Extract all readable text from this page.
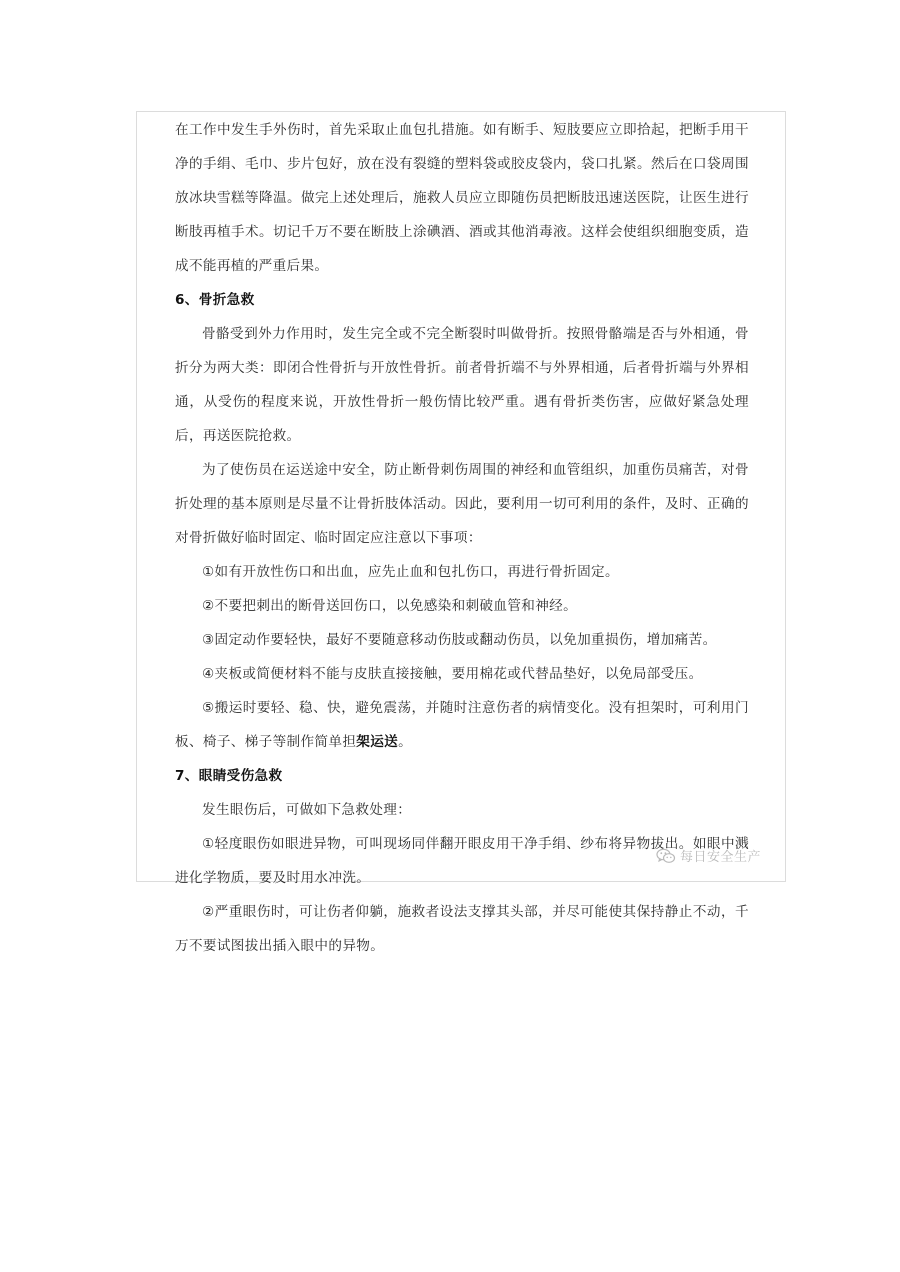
在工作中发生手外伤时，首先采取止血包扎措施。如有断手、短肢要应立即拾起，把断手用干净的手绢、毛巾、步片包好，放在没有裂缝的塑料袋或胶皮袋内，袋口扎紧。然后在口袋周围放冰块雪糕等降温。做完上述处理后，施救人员应立即随伤员把断肢迅速送医院，让医生进行断肢再植手术。切记千万不要在断肢上涂碘酒、酒或其他消毒液。这样会使组织细胞变质，造成不能再植的严重后果。

6、骨折急救

骨骼受到外力作用时，发生完全或不完全断裂时叫做骨折。按照骨骼端是否与外相通，骨折分为两大类：即闭合性骨折与开放性骨折。前者骨折端不与外界相通，后者骨折端与外界相通，从受伤的程度来说，开放性骨折一般伤情比较严重。遇有骨折类伤害，应做好紧急处理后，再送医院抢救。

为了使伤员在运送途中安全，防止断骨刺伤周围的神经和血管组织，加重伤员痛苦，对骨折处理的基本原则是尽量不让骨折肢体活动。因此，要利用一切可利用的条件，及时、正确的对骨折做好临时固定、临时固定应注意以下事项：

①如有开放性伤口和出血，应先止血和包扎伤口，再进行骨折固定。

②不要把刺出的断骨送回伤口，以免感染和刺破血管和神经。

③固定动作要轻快，最好不要随意移动伤肢或翻动伤员，以免加重损伤，增加痛苦。

④夹板或简便材料不能与皮肤直接接触，要用棉花或代替品垫好，以免局部受压。

⑤搬运时要轻、稳、快，避免震荡，并随时注意伤者的病情变化。没有担架时，可利用门板、椅子、梯子等制作简单担架运送。

7、眼睛受伤急救

发生眼伤后，可做如下急救处理：

①轻度眼伤如眼进异物，可叫现场同伴翻开眼皮用干净手绢、纱布将异物拔出。如眼中溅进化学物质，要及时用水冲洗。

②严重眼伤时，可让伤者仰躺，施救者设法支撑其头部，并尽可能使其保持静止不动，千万不要试图拔出插入眼中的异物。

每日安全生产
